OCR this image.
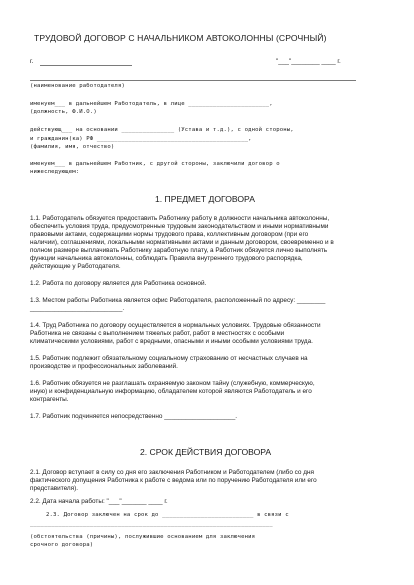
ТРУДОВОЙ ДОГОВОР С НАЧАЛЬНИКОМ АВТОКОЛОННЫ (СРОЧНЫЙ)
г.	"___"________ ____ г.
(наименование работодателя)
именуем___ в дальнейшем Работодатель, в лице _______________________,
(должность, Ф.И.О.)
действующ___ на основании _______________ (Устава и т.д.), с одной стороны,
и гражданин(ка) РФ ___________________________________________,
(фамилия, имя, отчество)
именуем___ в дальнейшем Работник, с другой стороны, заключили договор о
нижеследующем:
1. ПРЕДМЕТ ДОГОВОРА
1.1. Работодатель обязуется предоставить Работнику работу в должности начальника автоколонны,
обеспечить условия труда, предусмотренные трудовым законодательством и иными нормативными
правовыми актами, содержащими нормы трудового права, коллективным договором (при его
наличии), соглашениями, локальными нормативными актами и данным договором, своевременно и в
полном размере выплачивать Работнику заработную плату, а Работник обязуется лично выполнять
функции начальника автоколонны, соблюдать Правила внутреннего трудового распорядка,
действующие у Работодателя.
1.2. Работа по договору является для Работника основной.
1.3. Местом работы Работника является офис Работодателя, расположенный по адресу: ________
__________________________.
1.4. Труд Работника по договору осуществляется в нормальных условиях. Трудовые обязанности
Работника не связаны с выполнением тяжелых работ, работ в местностях с особыми
климатическими условиями, работ с вредными, опасными и иными особыми условиями труда.
1.5. Работник подлежит обязательному социальному страхованию от несчастных случаев на
производстве и профессиональных заболеваний.
1.6. Работник обязуется не разглашать охраняемую законом тайну (служебную, коммерческую,
иную) и конфиденциальную информацию, обладателем которой являются Работодатель и его
контрагенты.
1.7. Работник подчиняется непосредственно ____________________.
2. СРОК ДЕЙСТВИЯ ДОГОВОРА
2.1. Договор вступает в силу со дня его заключения Работником и Работодателем (либо со дня
фактического допущения Работника к работе с ведома или по поручению Работодателя или его
представителя).
2.2. Дата начала работы: "___"_______ ____ г.
2.3. Договор заключен на срок до __________________________ в связи с
_____________________________________________________________________
(обстоятельства (причины), послужившие основанием для заключения
срочного договора)
